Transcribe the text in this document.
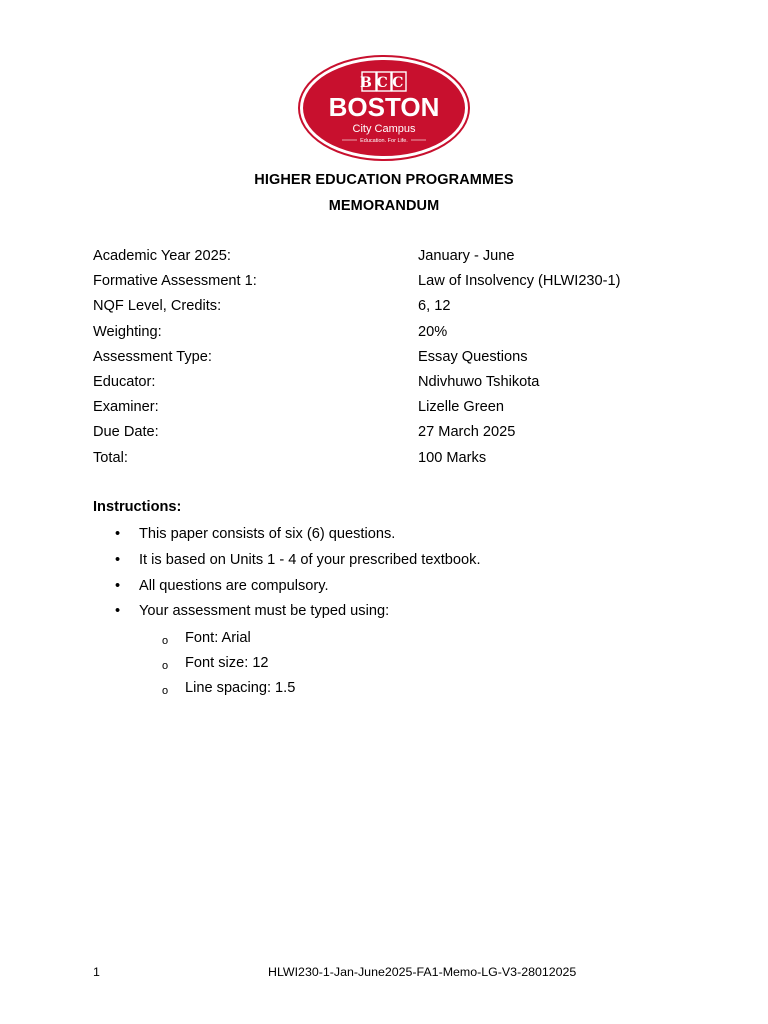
BCC
BOSTON
City Campus
Education. For Life.
HIGHER EDUCATION PROGRAMMES
MEMORANDUM
Academic Year 2025:	January - June
Formative Assessment 1:	Law of Insolvency (HLWI230-1)
NQF Level, Credits:	6, 12
Weighting:	20%
Assessment Type:	Essay Questions
Educator:	Ndivhuwo Tshikota
Examiner:	Lizelle Green
Due Date:	27 March 2025
Total:	100 Marks
Instructions:
•	This paper consists of six (6) questions.
•	It is based on Units 1 - 4 of your prescribed textbook.
•	All questions are compulsory.
•	Your assessment must be typed using:
o	Font: Arial
o	Font size: 12
o	Line spacing: 1.5
1	HLWI230-1-Jan-June2025-FA1-Memo-LG-V3-28012025
